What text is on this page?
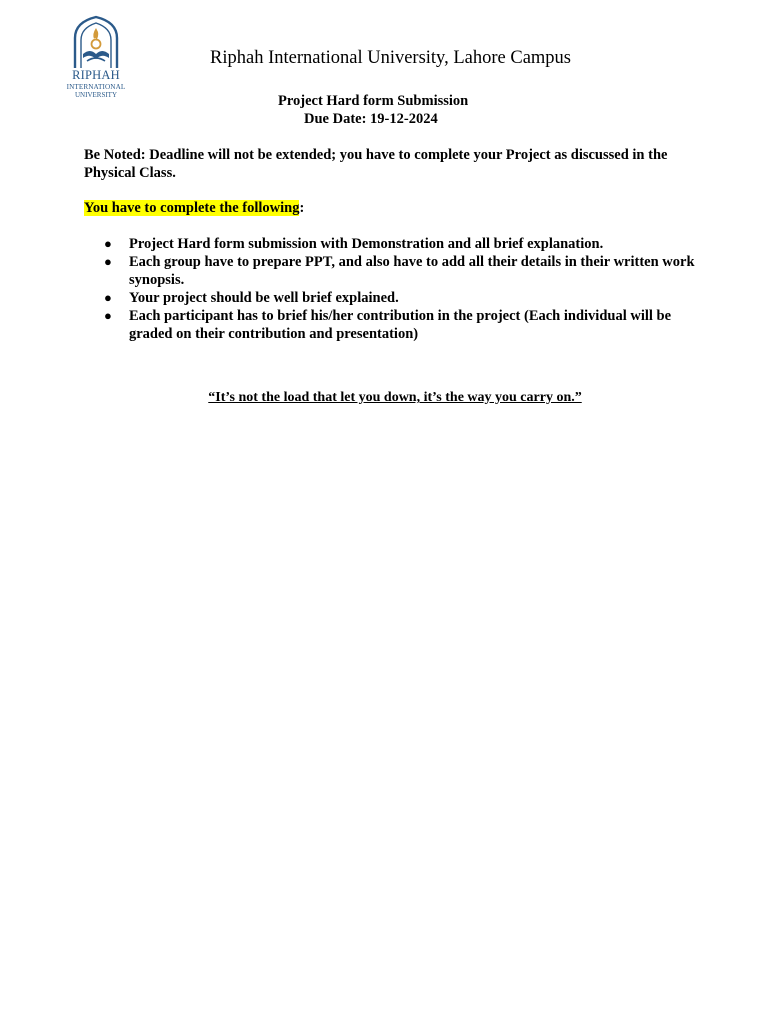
RIPHAH
INTERNATIONAL
UNIVERSITY
Riphah International University, Lahore Campus
Project Hard form Submission
Due Date: 19-12-2024
Be Noted: Deadline will not be extended; you have to complete your Project as discussed in the Physical Class.
You have to complete the following:
● Project Hard form submission with Demonstration and all brief explanation.
● Each group have to prepare PPT, and also have to add all their details in their written work synopsis.
● Your project should be well brief explained.
● Each participant has to brief his/her contribution in the project (Each individual will be graded on their contribution and presentation)
“It’s not the load that let you down, it’s the way you carry on.”
